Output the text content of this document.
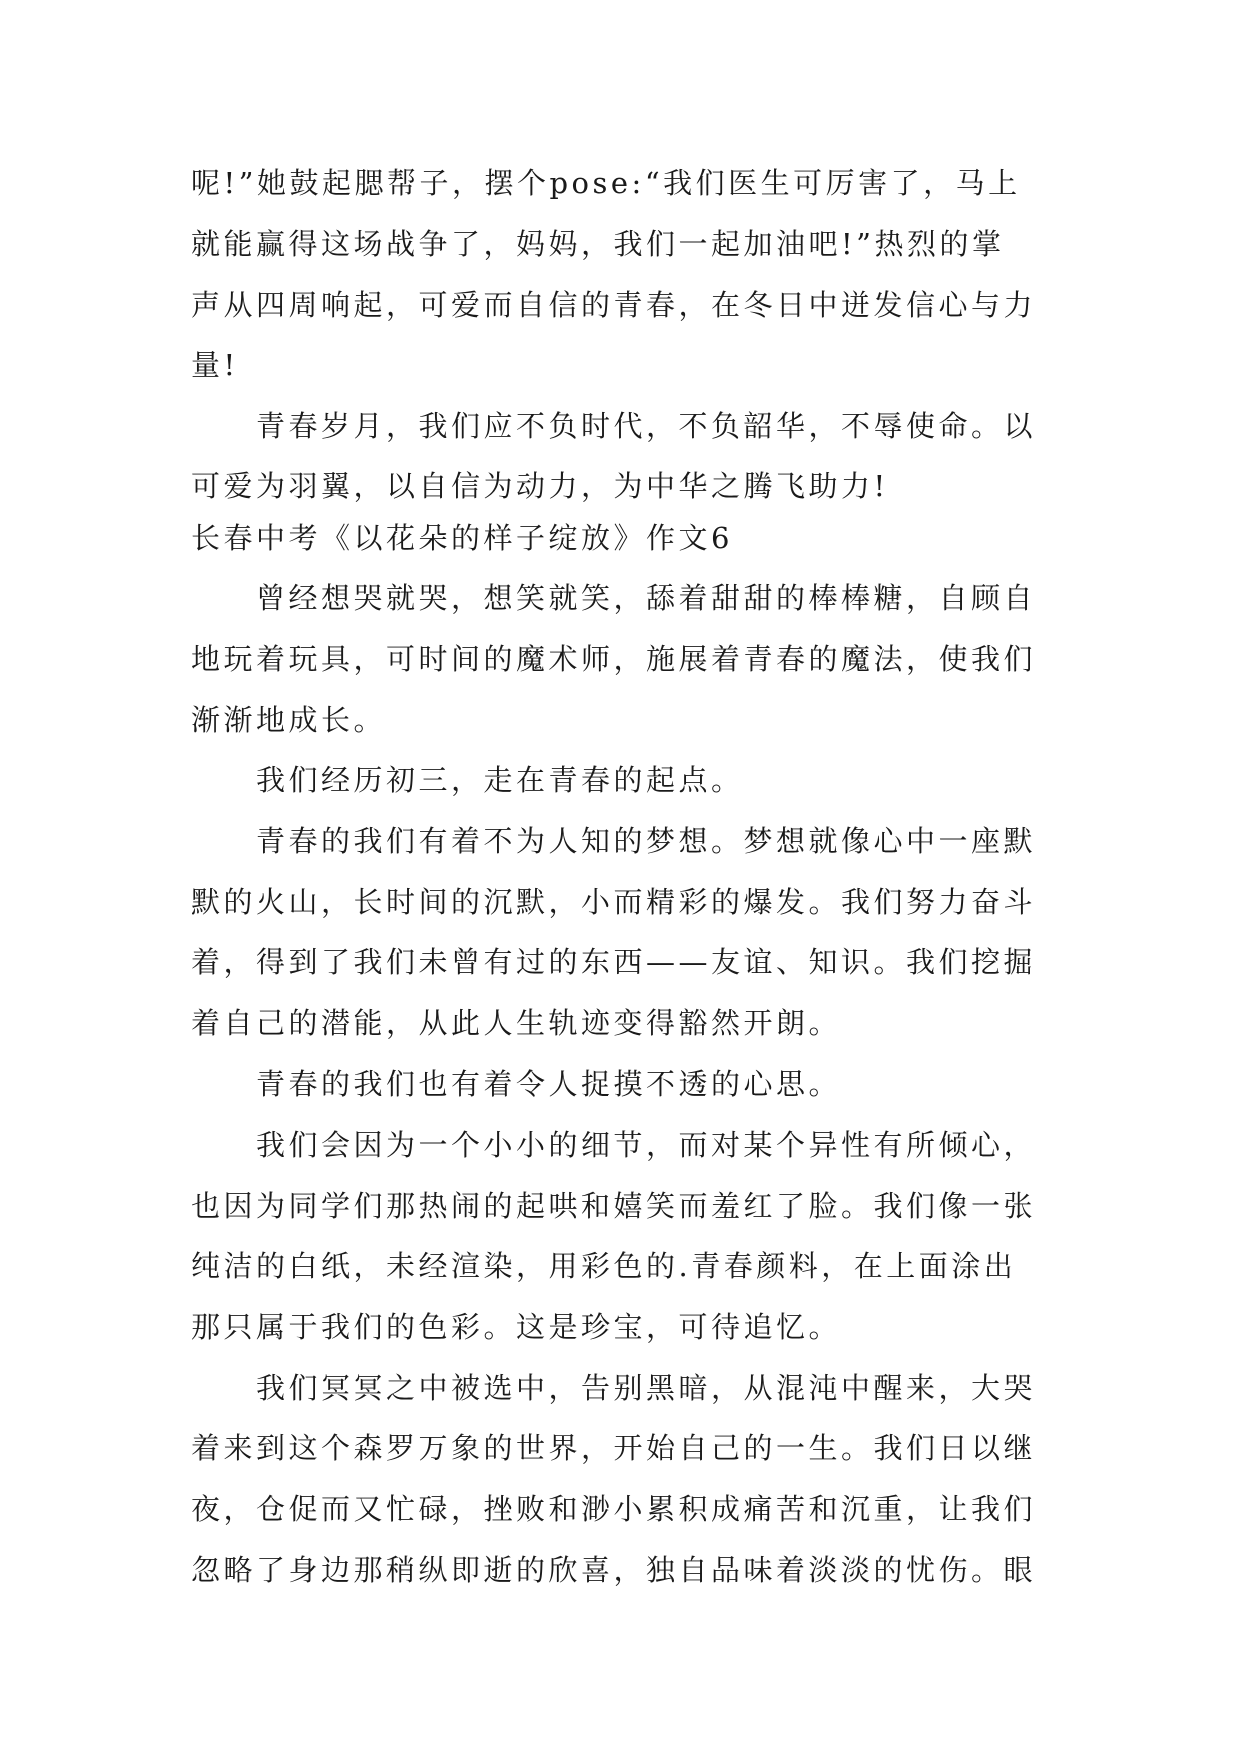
呢!”她鼓起腮帮子，摆个pose:“我们医生可厉害了，马上
就能赢得这场战争了，妈妈，我们一起加油吧!”热烈的掌
声从四周响起，可爱而自信的青春，在冬日中迸发信心与力
量!
青春岁月，我们应不负时代，不负韶华，不辱使命。以
可爱为羽翼，以自信为动力，为中华之腾飞助力!
长春中考《以花朵的样子绽放》作文6
曾经想哭就哭，想笑就笑，舔着甜甜的棒棒糖，自顾自
地玩着玩具，可时间的魔术师，施展着青春的魔法，使我们
渐渐地成长。
我们经历初三，走在青春的起点。
青春的我们有着不为人知的梦想。梦想就像心中一座默
默的火山，长时间的沉默，小而精彩的爆发。我们努力奋斗
着，得到了我们未曾有过的东西——友谊、知识。我们挖掘
着自己的潜能，从此人生轨迹变得豁然开朗。
青春的我们也有着令人捉摸不透的心思。
我们会因为一个小小的细节，而对某个异性有所倾心，
也因为同学们那热闹的起哄和嬉笑而羞红了脸。我们像一张
纯洁的白纸，未经渲染，用彩色的.青春颜料，在上面涂出
那只属于我们的色彩。这是珍宝，可待追忆。
我们冥冥之中被选中，告别黑暗，从混沌中醒来，大哭
着来到这个森罗万象的世界，开始自己的一生。我们日以继
夜，仓促而又忙碌，挫败和渺小累积成痛苦和沉重，让我们
忽略了身边那稍纵即逝的欣喜，独自品味着淡淡的忧伤。眼
